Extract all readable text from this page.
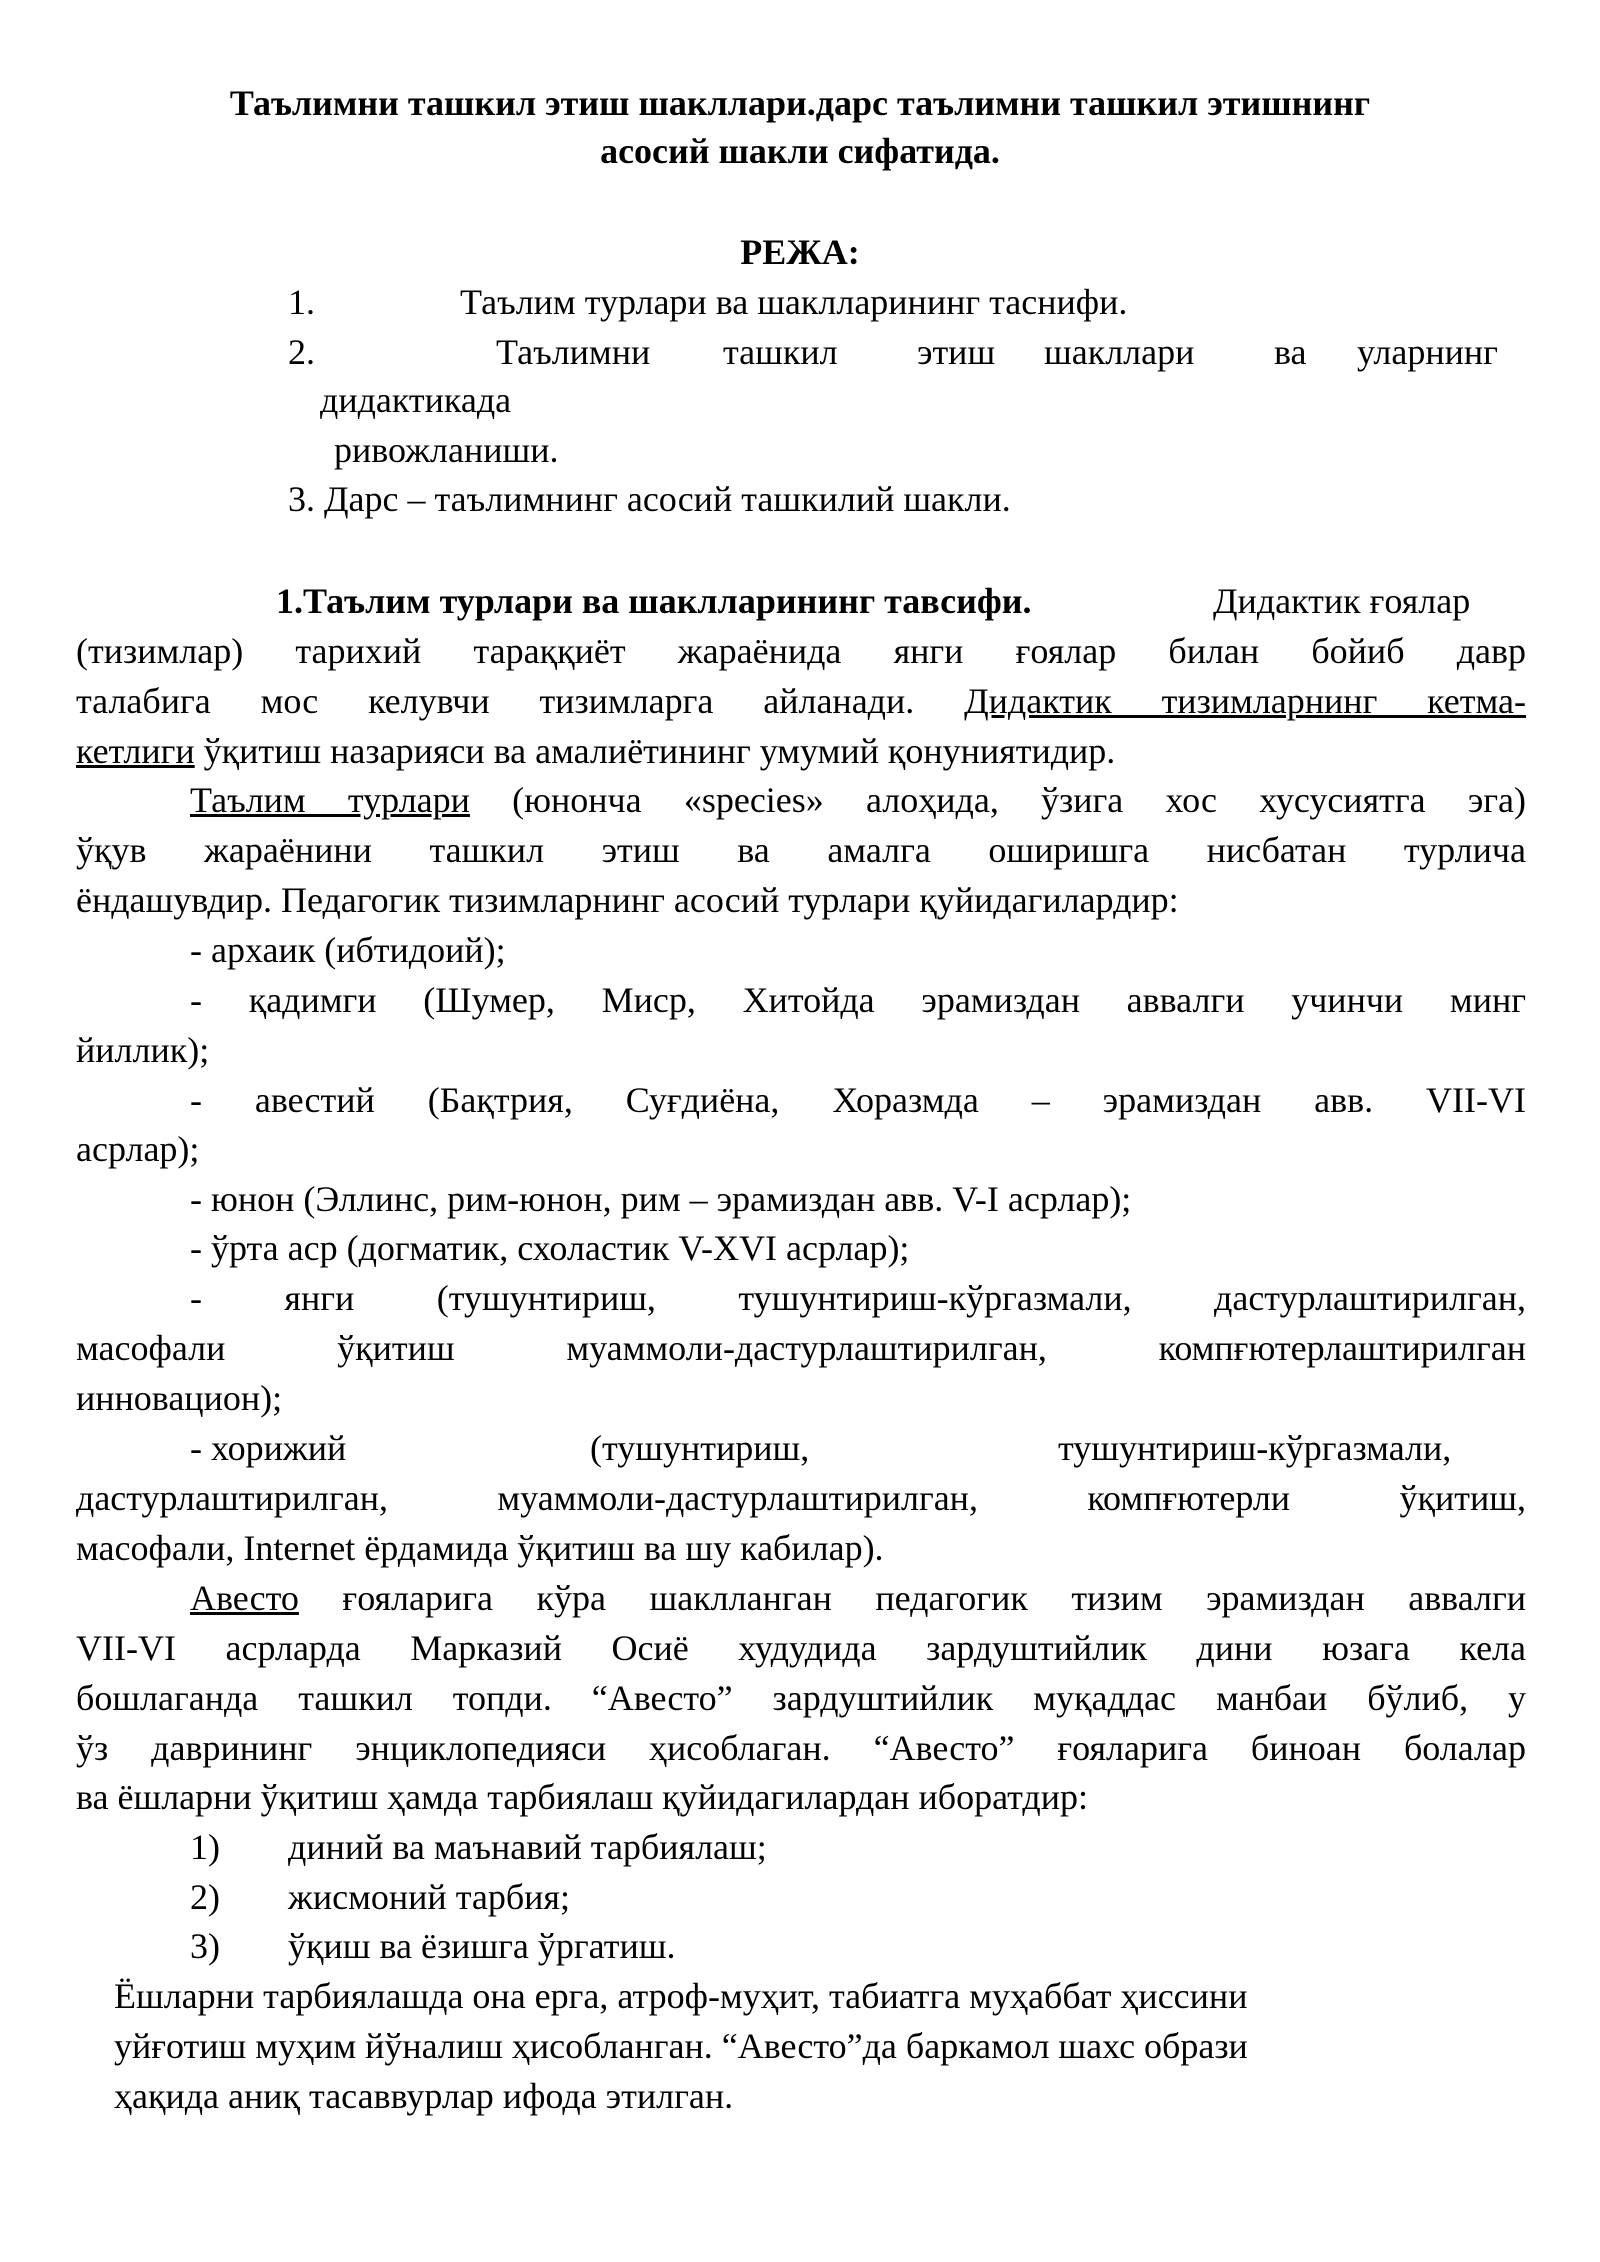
Таълимни ташкил этиш шакллари.дарс таълимни ташкил этишнинг
асосий шакли сифатида.
РЕЖА:
1.	Таълим турлари ва шаклларининг таснифи.
2.	Таълимни ташкил этиш шакллари ва уларнинг
дидактикада
ривожланиши.
3. Дарс – таълимнинг асосий ташкилий шакли.
1.Таълим турлари ва шаклларининг тавсифи.	Дидактик ғоялар
(тизимлар) тарихий тараққиёт жараёнида янги ғоялар билан бойиб давр
талабига мос келувчи тизимларга айланади. Дидактик тизимларнинг кетма-
кетлиги ўқитиш назарияси ва амалиётининг умумий қонуниятидир.
Таълим турлари (юнонча «species» алоҳида, ўзига хос хусусиятга эга)
ўқув жараёнини ташкил этиш ва амалга оширишга нисбатан турлича
ёндашувдир. Педагогик тизимларнинг асосий турлари қуйидагилардир:
- архаик (ибтидоий);
- қадимги (Шумер, Миср, Хитойда эрамиздан аввалги учинчи минг
йиллик);
- авестий (Бақтрия, Суғдиёна, Хоразмда – эрамиздан авв. VII-VI
асрлар);
- юнон (Эллинс, рим-юнон, рим – эрамиздан авв. V-I асрлар);
- ўрта аср (догматик, схоластик V-XVI асрлар);
- янги (тушунтириш, тушунтириш-кўргазмали, дастурлаштирилган,
масофали ўқитиш муаммоли-дастурлаштирилган, компғютерлаштирилган
инновацион);
- хорижий	(тушунтириш,	тушунтириш-кўргазмали,
дастурлаштирилган, муаммоли-дастурлаштирилган, компғютерли ўқитиш,
масофали, Internet ёрдамида ўқитиш ва шу кабилар).
Авесто ғояларига кўра шаклланган педагогик тизим эрамиздан аввалги
VII-VI асрларда Марказий Осиё худудида зардуштийлик дини юзага кела
бошлаганда ташкил топди. “Авесто” зардуштийлик муқаддас манбаи бўлиб, у
ўз даврининг энциклопедияси ҳисоблаган. “Авесто” ғояларига биноан болалар
ва ёшларни ўқитиш ҳамда тарбиялаш қуйидагилардан иборатдир:
1) диний ва маънавий тарбиялаш;
2) жисмоний тарбия;
3) ўқиш ва ёзишга ўргатиш.
Ёшларни тарбиялашда она ерга, атроф-муҳит, табиатга муҳаббат ҳиссини
уйғотиш муҳим йўналиш ҳисобланган. “Авесто”да баркамол шахс образи
ҳақида аниқ тасаввурлар ифода этилган.
